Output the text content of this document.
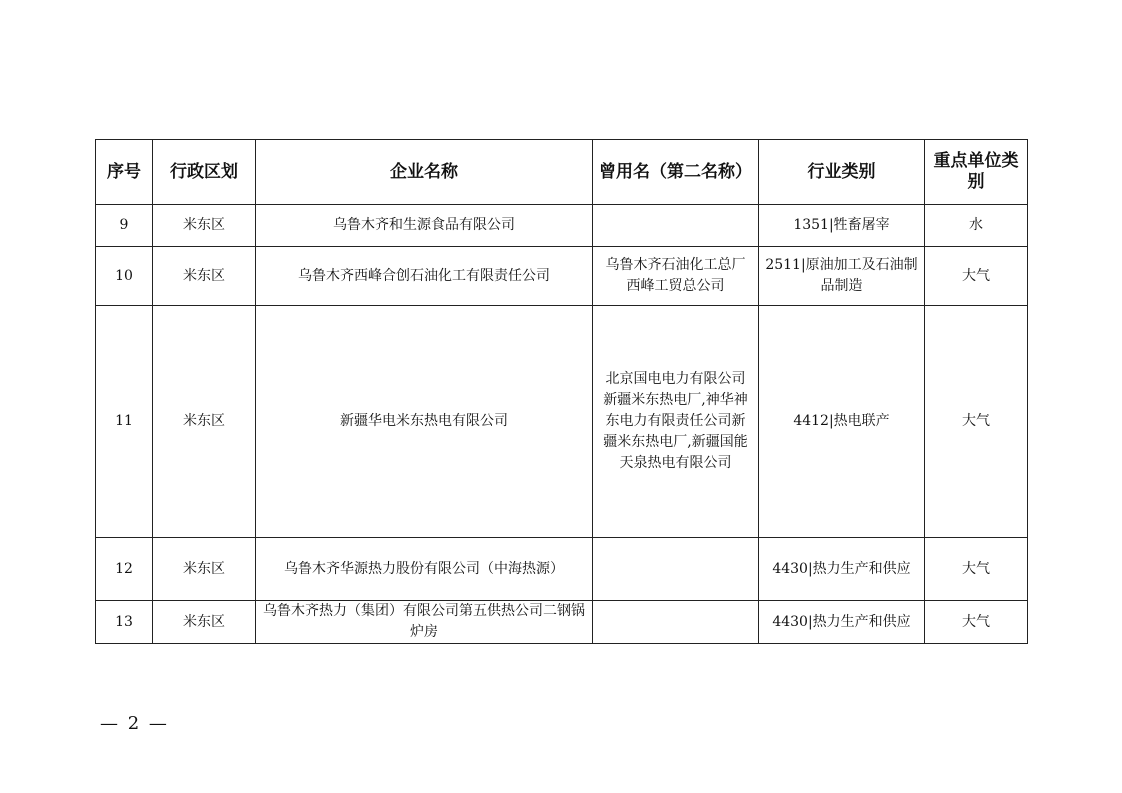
序号	行政区划	企业名称	曾用名（第二名称）	行业类别	重点单位类别
9	米东区	乌鲁木齐和生源食品有限公司		1351|牲畜屠宰	水
10	米东区	乌鲁木齐西峰合创石油化工有限责任公司	乌鲁木齐石油化工总厂西峰工贸总公司	2511|原油加工及石油制品制造	大气
11	米东区	新疆华电米东热电有限公司	北京国电电力有限公司新疆米东热电厂,神华神东电力有限责任公司新疆米东热电厂,新疆国能天泉热电有限公司	4412|热电联产	大气
12	米东区	乌鲁木齐华源热力股份有限公司（中海热源）		4430|热力生产和供应	大气
13	米东区	乌鲁木齐热力（集团）有限公司第五供热公司二钢锅炉房		4430|热力生产和供应	大气
— 2 —
